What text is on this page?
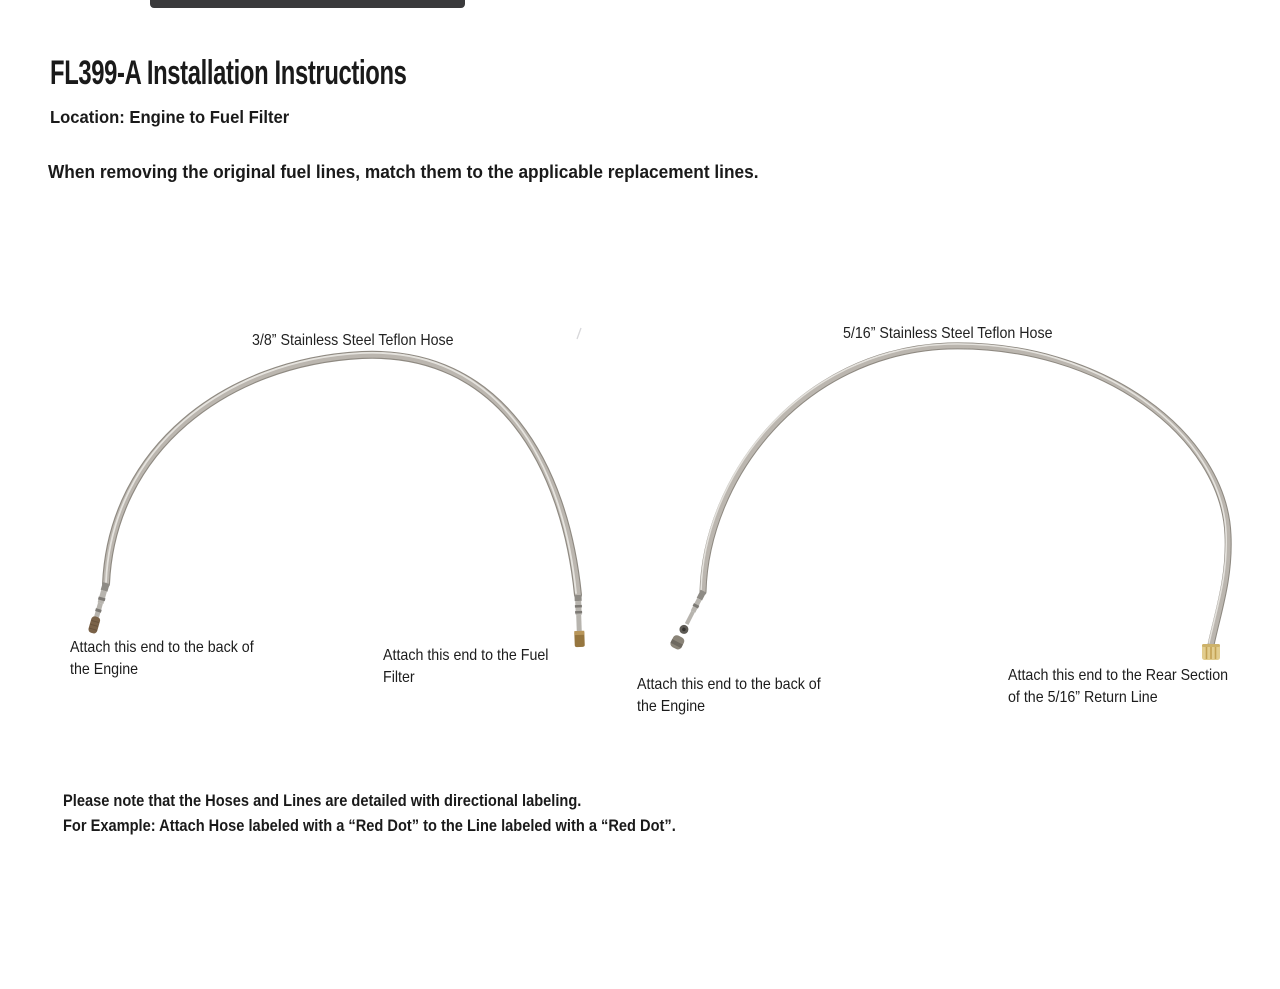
FL399-A Installation Instructions
Location: Engine to Fuel Filter
When removing the original fuel lines, match them to the applicable replacement lines.
3/8” Stainless Steel Teflon Hose	5/16” Stainless Steel Teflon Hose
Attach this end to the back of
the Engine
Attach this end to the Fuel
Filter	Attach this end to the back of
the Engine
Attach this end to the Rear Section
of the 5/16” Return Line
Please note that the Hoses and Lines are detailed with directional labeling.
For Example: Attach Hose labeled with a “Red Dot” to the Line labeled with a “Red Dot”.
